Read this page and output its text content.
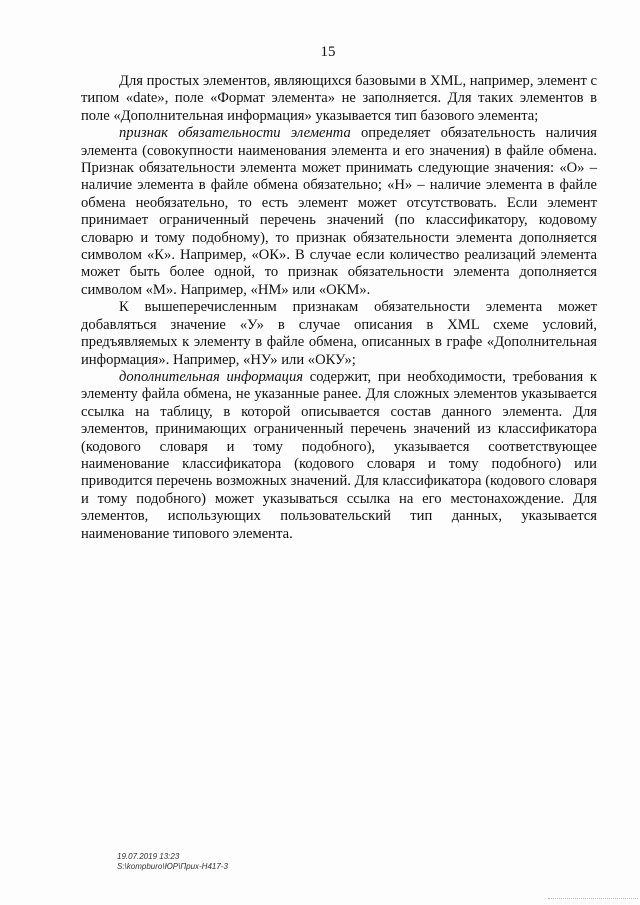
15

Для простых элементов, являющихся базовыми в XML, например, элемент с типом «date», поле «Формат элемента» не заполняется. Для таких элементов в поле «Дополнительная информация» указывается тип базового элемента;

признак обязательности элемента определяет обязательность наличия элемента (совокупности наименования элемента и его значения) в файле обмена. Признак обязательности элемента может принимать следующие значения: «О» – наличие элемента в файле обмена обязательно; «Н» – наличие элемента в файле обмена необязательно, то есть элемент может отсутствовать. Если элемент принимает ограниченный перечень значений (по классификатору, кодовому словарю и тому подобному), то признак обязательности элемента дополняется символом «К». Например, «ОК». В случае если количество реализаций элемента может быть более одной, то признак обязательности элемента дополняется символом «М». Например, «НМ» или «ОКМ».

К вышеперечисленным признакам обязательности элемента может добавляться значение «У» в случае описания в XML схеме условий, предъявляемых к элементу в файле обмена, описанных в графе «Дополнительная информация». Например, «НУ» или «ОКУ»;

дополнительная информация содержит, при необходимости, требования к элементу файла обмена, не указанные ранее. Для сложных элементов указывается ссылка на таблицу, в которой описывается состав данного элемента. Для элементов, принимающих ограниченный перечень значений из классификатора (кодового словаря и тому подобного), указывается соответствующее наименование классификатора (кодового словаря и тому подобного) или приводится перечень возможных значений. Для классификатора (кодового словаря и тому подобного) может указываться ссылка на его местонахождение. Для элементов, использующих пользовательский тип данных, указывается наименование типового элемента.

19.07.2019 13:23
S:\kompburo\ЮР\Приx-Н417-3
